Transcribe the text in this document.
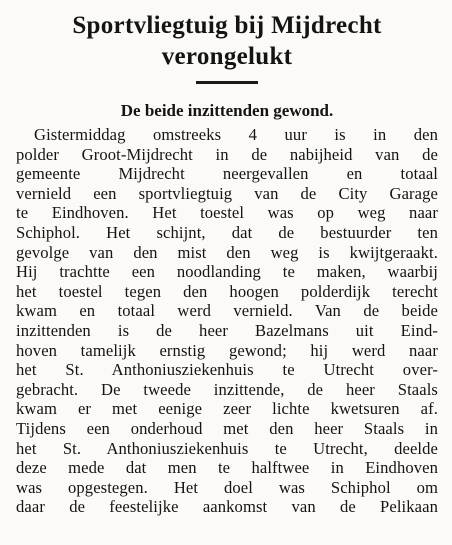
Sportvliegtuig bij Mijdrecht
verongelukt
De beide inzittenden gewond.
Gistermiddag omstreeks 4 uur is in den
polder Groot-Mijdrecht in de nabijheid van de
gemeente Mijdrecht neergevallen en totaal
vernield een sportvliegtuig van de City Garage
te Eindhoven. Het toestel was op weg naar
Schiphol. Het schijnt, dat de bestuurder ten
gevolge van den mist den weg is kwijtgeraakt.
Hij trachtte een noodlanding te maken, waarbij
het toestel tegen den hoogen polderdijk terecht
kwam en totaal werd vernield. Van de beide
inzittenden is de heer Bazelmans uit Eind-
hoven tamelijk ernstig gewond; hij werd naar
het St. Anthoniusziekenhuis te Utrecht over-
gebracht. De tweede inzittende, de heer Staals
kwam er met eenige zeer lichte kwetsuren af.
Tijdens een onderhoud met den heer Staals in
het St. Anthoniusziekenhuis te Utrecht, deelde
deze mede dat men te halftwee in Eindhoven
was opgestegen. Het doel was Schiphol om
daar de feestelijke aankomst van de Pelikaan
